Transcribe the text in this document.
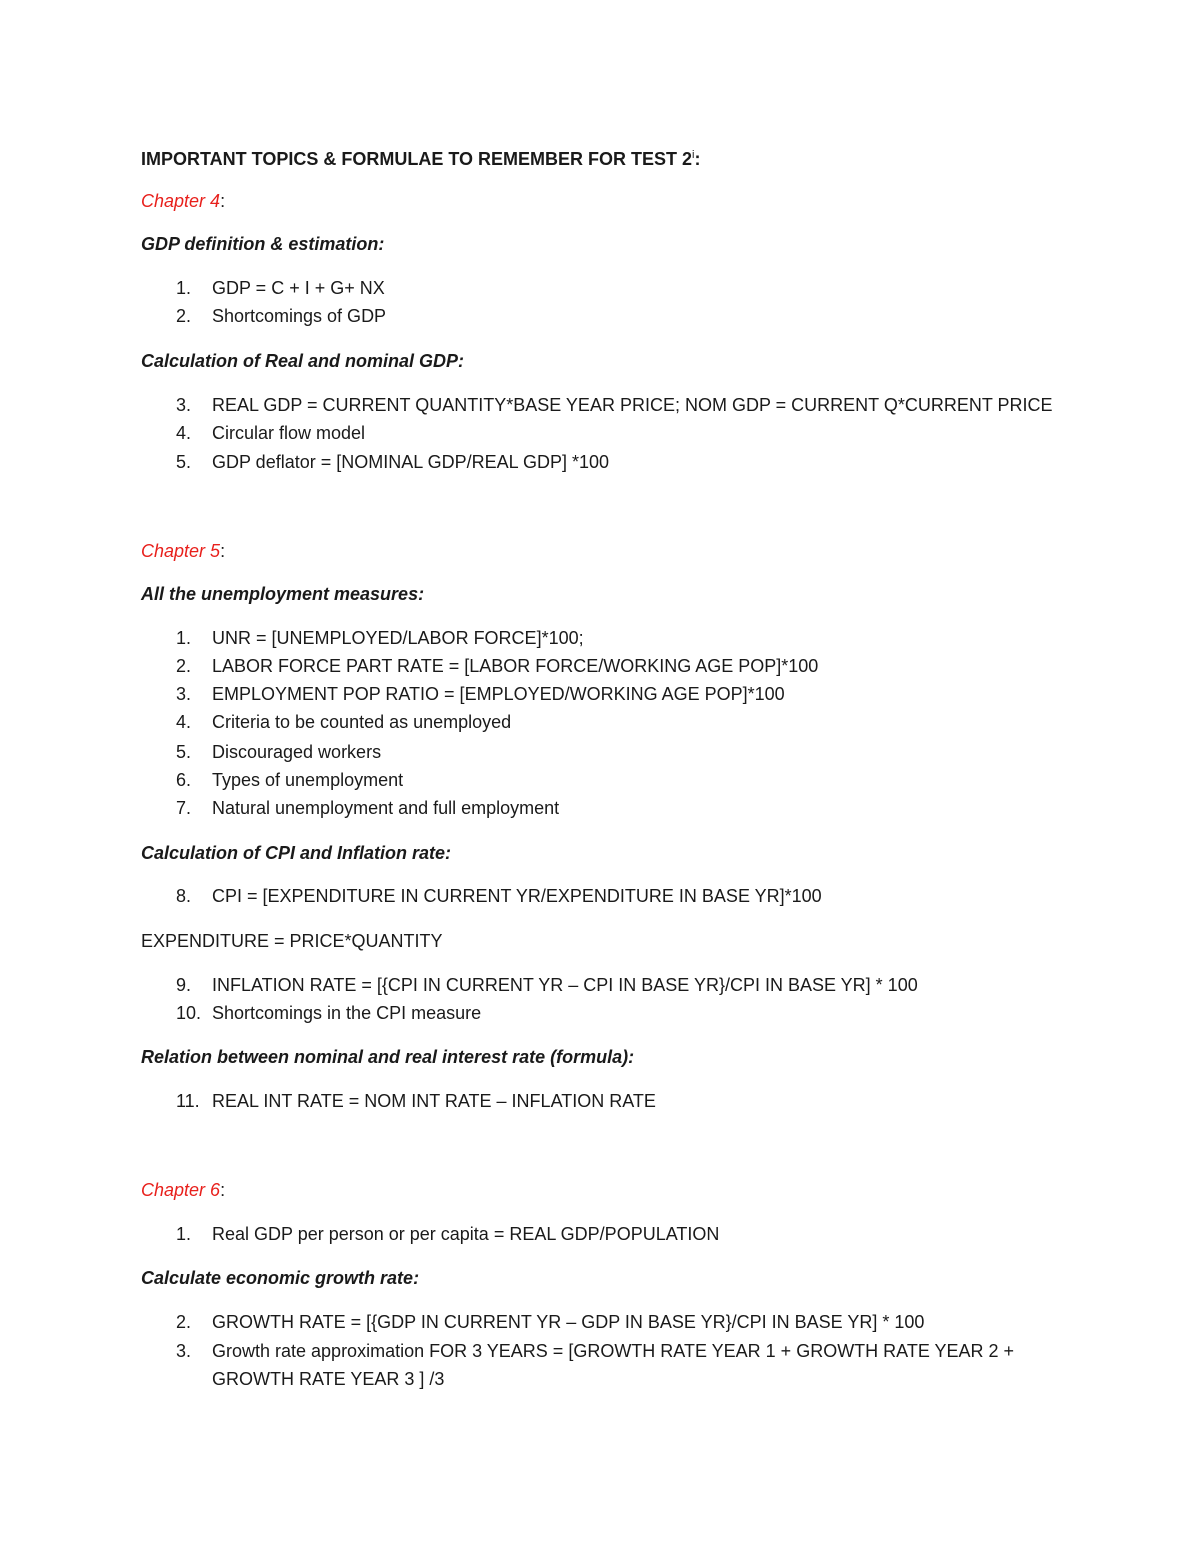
IMPORTANT TOPICS & FORMULAE TO REMEMBER FOR TEST 2$^i$:
Chapter 4:
GDP definition & estimation:
1. GDP = C + I + G+ NX
2. Shortcomings of GDP
Calculation of Real and nominal GDP:
3. REAL GDP = CURRENT QUANTITY*BASE YEAR PRICE; NOM GDP = CURRENT Q*CURRENT PRICE
4. Circular flow model
5. GDP deflator = [NOMINAL GDP/REAL GDP] *100
Chapter 5:
All the unemployment measures:
1. UNR = [UNEMPLOYED/LABOR FORCE]*100;
2. LABOR FORCE PART RATE = [LABOR FORCE/WORKING AGE POP]*100
3. EMPLOYMENT POP RATIO = [EMPLOYED/WORKING AGE POP]*100
4. Criteria to be counted as unemployed
5. Discouraged workers
6. Types of unemployment
7. Natural unemployment and full employment
Calculation of CPI and Inflation rate:
8. CPI = [EXPENDITURE IN CURRENT YR/EXPENDITURE IN BASE YR]*100
EXPENDITURE = PRICE*QUANTITY
9. INFLATION RATE = [{CPI IN CURRENT YR – CPI IN BASE YR}/CPI IN BASE YR] * 100
10. Shortcomings in the CPI measure
Relation between nominal and real interest rate (formula):
11. REAL INT RATE = NOM INT RATE – INFLATION RATE
Chapter 6:
1. Real GDP per person or per capita = REAL GDP/POPULATION
Calculate economic growth rate:
2. GROWTH RATE = [{GDP IN CURRENT YR – GDP IN BASE YR}/CPI IN BASE YR] * 100
3. Growth rate approximation FOR 3 YEARS = [GROWTH RATE YEAR 1 + GROWTH RATE YEAR 2 +
GROWTH RATE YEAR 3 ] /3
